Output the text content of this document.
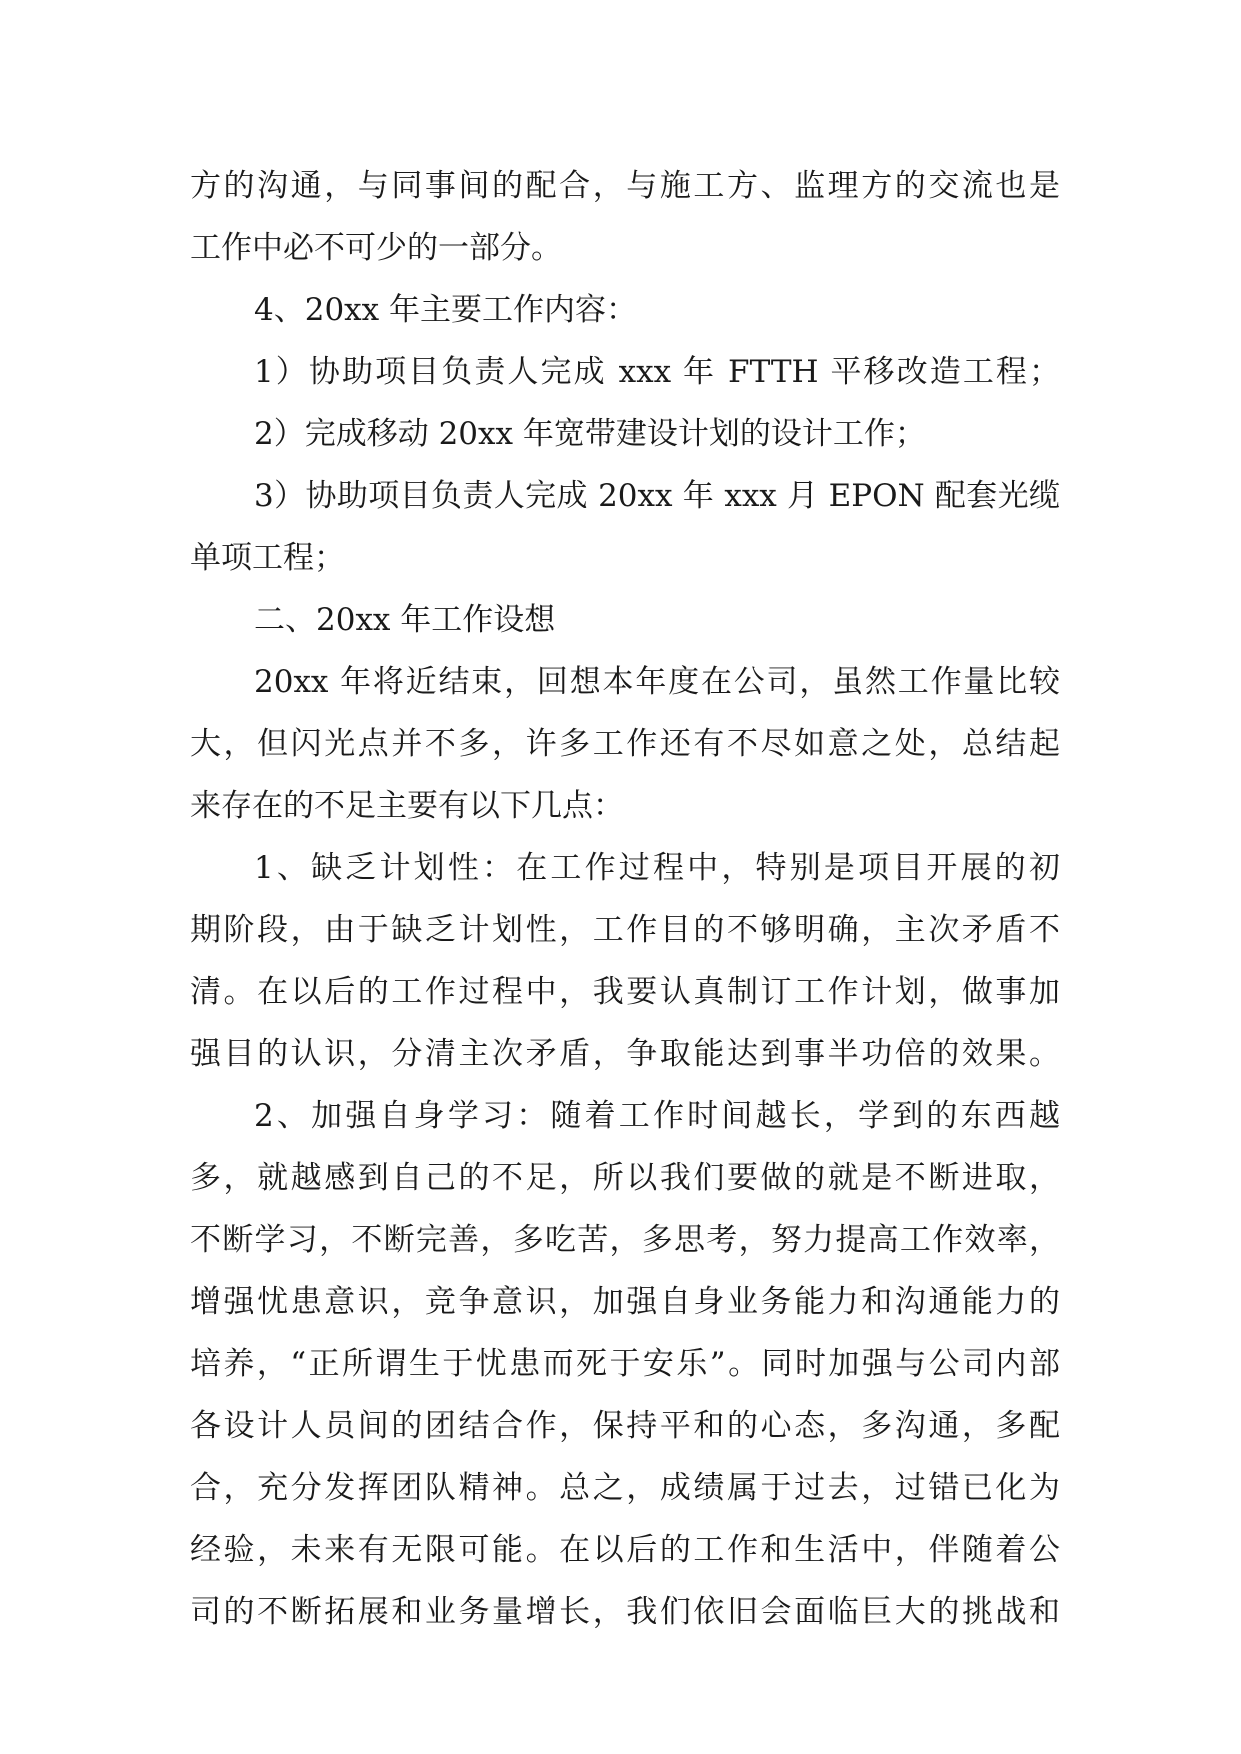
方的沟通，与同事间的配合，与施工方、监理方的交流也是
工作中必不可少的一部分。
4、20xx 年主要工作内容：
1）协助项目负责人完成 xxx 年 FTTH 平移改造工程；
2）完成移动 20xx 年宽带建设计划的设计工作；
3）协助项目负责人完成 20xx 年 xxx 月 EPON 配套光缆
单项工程；
二、20xx 年工作设想
20xx 年将近结束，回想本年度在公司，虽然工作量比较
大，但闪光点并不多，许多工作还有不尽如意之处，总结起
来存在的不足主要有以下几点：
1、缺乏计划性：在工作过程中，特别是项目开展的初
期阶段，由于缺乏计划性，工作目的不够明确，主次矛盾不
清。在以后的工作过程中，我要认真制订工作计划，做事加
强目的认识，分清主次矛盾，争取能达到事半功倍的效果。
2、加强自身学习：随着工作时间越长，学到的东西越
多，就越感到自己的不足，所以我们要做的就是不断进取，
不断学习，不断完善，多吃苦，多思考，努力提高工作效率，
增强忧患意识，竞争意识，加强自身业务能力和沟通能力的
培养，“正所谓生于忧患而死于安乐”。同时加强与公司内部
各设计人员间的团结合作，保持平和的心态，多沟通，多配
合，充分发挥团队精神。总之，成绩属于过去，过错已化为
经验，未来有无限可能。在以后的工作和生活中，伴随着公
司的不断拓展和业务量增长，我们依旧会面临巨大的挑战和
